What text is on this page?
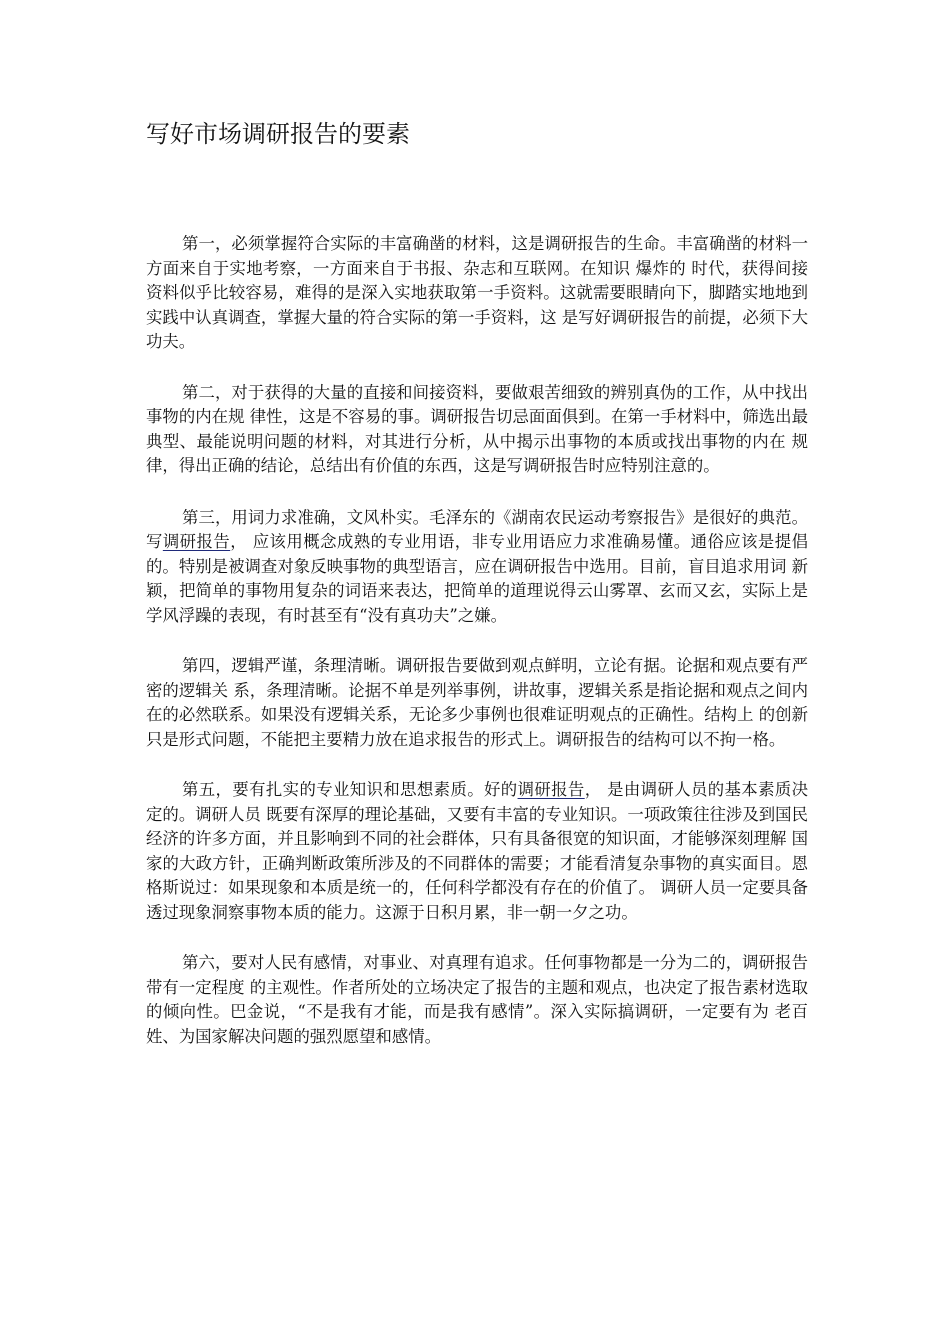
写好市场调研报告的要素

第一，必须掌握符合实际的丰富确凿的材料，这是调研报告的生命。丰富确凿的材料一方面来自于实地考察，一方面来自于书报、杂志和互联网。在知识 爆炸的 时代，获得间接资料似乎比较容易，难得的是深入实地获取第一手资料。这就需要眼睛向下，脚踏实地地到实践中认真调查，掌握大量的符合实际的第一手资料，这 是写好调研报告的前提，必须下大功夫。

第二，对于获得的大量的直接和间接资料，要做艰苦细致的辨别真伪的工作，从中找出事物的内在规 律性，这是不容易的事。调研报告切忌面面俱到。在第一手材料中，筛选出最典型、最能说明问题的材料，对其进行分析，从中揭示出事物的本质或找出事物的内在 规律，得出正确的结论，总结出有价值的东西，这是写调研报告时应特别注意的。

第三，用词力求准确，文风朴实。毛泽东的《湖南农民运动考察报告》是很好的典范。写调研报告， 应该用概念成熟的专业用语，非专业用语应力求准确易懂。通俗应该是提倡的。特别是被调查对象反映事物的典型语言，应在调研报告中选用。目前，盲目追求用词 新颖，把简单的事物用复杂的词语来表达，把简单的道理说得云山雾罩、玄而又玄，实际上是学风浮躁的表现，有时甚至有“没有真功夫”之嫌。

第四，逻辑严谨，条理清晰。调研报告要做到观点鲜明，立论有据。论据和观点要有严密的逻辑关 系，条理清晰。论据不单是列举事例，讲故事，逻辑关系是指论据和观点之间内在的必然联系。如果没有逻辑关系，无论多少事例也很难证明观点的正确性。结构上 的创新只是形式问题，不能把主要精力放在追求报告的形式上。调研报告的结构可以不拘一格。

第五，要有扎实的专业知识和思想素质。好的调研报告， 是由调研人员的基本素质决定的。调研人员 既要有深厚的理论基础，又要有丰富的专业知识。一项政策往往涉及到国民经济的许多方面，并且影响到不同的社会群体，只有具备很宽的知识面，才能够深刻理解 国家的大政方针，正确判断政策所涉及的不同群体的需要；才能看清复杂事物的真实面目。恩格斯说过：如果现象和本质是统一的，任何科学都没有存在的价值了。 调研人员一定要具备透过现象洞察事物本质的能力。这源于日积月累，非一朝一夕之功。

第六，要对人民有感情，对事业、对真理有追求。任何事物都是一分为二的，调研报告带有一定程度 的主观性。作者所处的立场决定了报告的主题和观点，也决定了报告素材选取的倾向性。巴金说，“不是我有才能，而是我有感情”。深入实际搞调研，一定要有为 老百姓、为国家解决问题的强烈愿望和感情。
